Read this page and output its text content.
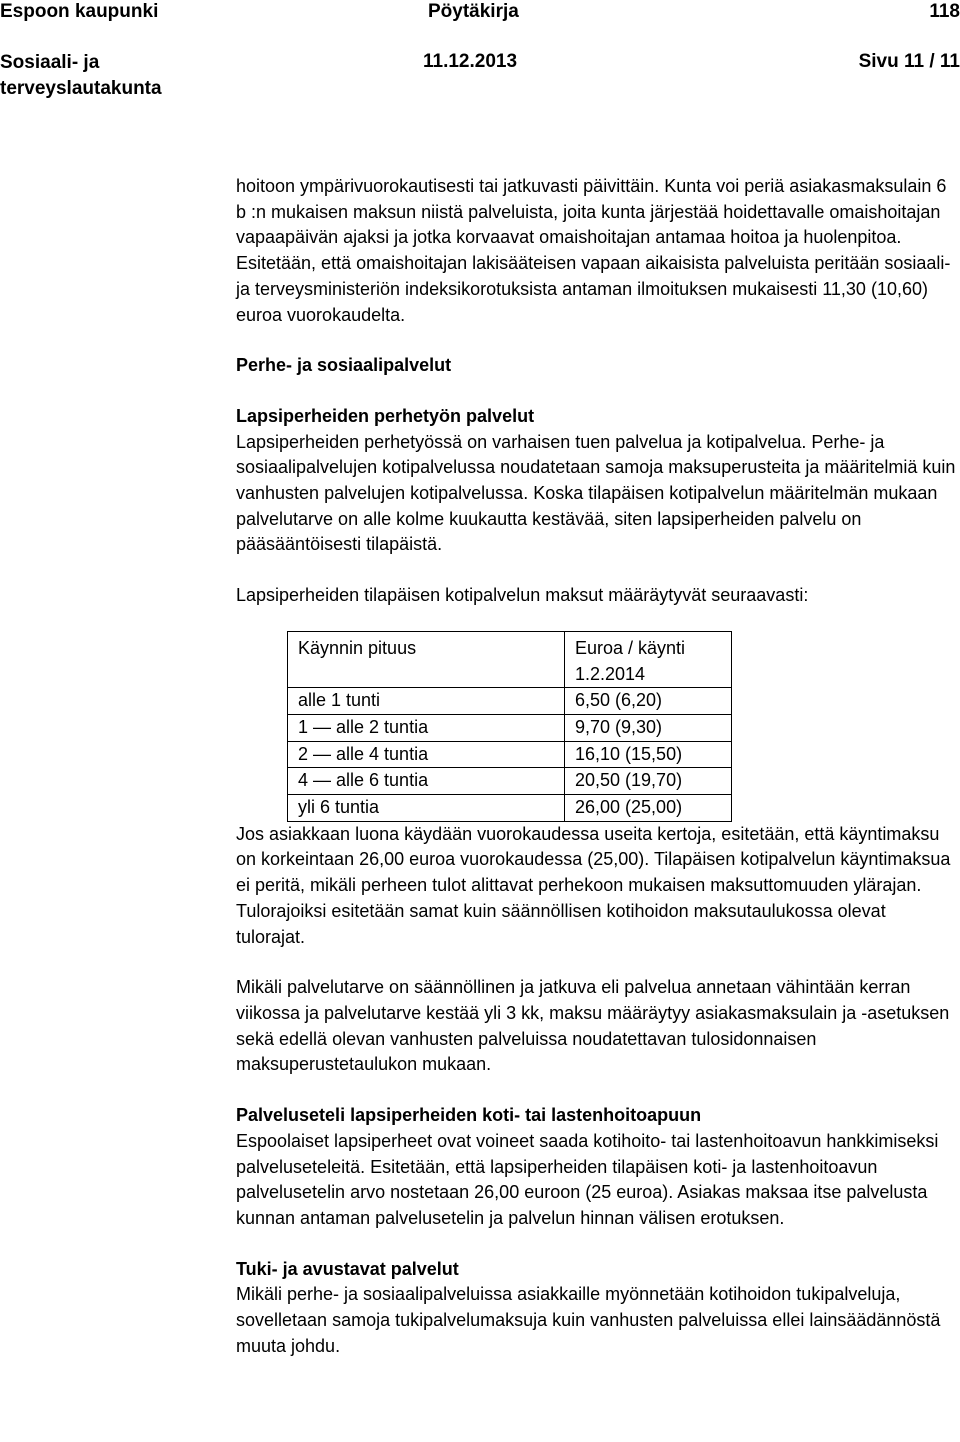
Espoon kaupunki	Pöytäkirja	118
Sosiaali- ja terveyslautakunta
11.12.2013	Sivu 11 / 11

hoitoon ympärivuorokautisesti tai jatkuvasti päivittäin. Kunta voi periä asiakasmaksulain 6 b :n mukaisen maksun niistä palveluista, joita kunta järjestää hoidettavalle omaishoitajan vapaapäivän ajaksi ja jotka korvaavat omaishoitajan antamaa hoitoa ja huolenpitoa. Esitetään, että omaishoitajan lakisääteisen vapaan aikaisista palveluista peritään sosiaali- ja terveysministeriön indeksikorotuksista antaman ilmoituksen mukaisesti 11,30 (10,60) euroa vuorokaudelta.

Perhe- ja sosiaalipalvelut

Lapsiperheiden perhetyön palvelut

Lapsiperheiden perhetyössä on varhaisen tuen palvelua ja kotipalvelua. Perhe- ja sosiaalipalvelujen kotipalvelussa noudatetaan samoja maksuperusteita ja määritelmiä kuin vanhusten palvelujen kotipalvelussa. Koska tilapäisen kotipalvelun määritelmän mukaan palvelutarve on alle kolme kuukautta kestävää, siten lapsiperheiden palvelu on pääsääntöisesti tilapäistä.

Lapsiperheiden tilapäisen kotipalvelun maksut määräytyvät seuraavasti:

Käynnin pituus	Euroa / käynti 1.2.2014
alle 1 tunti	6,50 (6,20)
1 — alle 2 tuntia	9,70 (9,30)
2 — alle 4 tuntia	16,10 (15,50)
4 — alle 6 tuntia	20,50 (19,70)
yli 6 tuntia	26,00 (25,00)

Jos asiakkaan luona käydään vuorokaudessa useita kertoja, esitetään, että käyntimaksu on korkeintaan 26,00 euroa vuorokaudessa (25,00). Tilapäisen kotipalvelun käyntimaksua ei peritä, mikäli perheen tulot alittavat perhekoon mukaisen maksuttomuuden ylärajan. Tulorajoiksi esitetään samat kuin säännöllisen kotihoidon maksutaulukossa olevat tulorajat.

Mikäli palvelutarve on säännöllinen ja jatkuva eli palvelua annetaan vähintään kerran viikossa ja palvelutarve kestää yli 3 kk, maksu määräytyy asiakasmaksulain ja -asetuksen sekä edellä olevan vanhusten palveluissa noudatettavan tulosidonnaisen maksuperustetaulukon mukaan.

Palveluseteli lapsiperheiden koti- tai lastenhoitoapuun

Espoolaiset lapsiperheet ovat voineet saada kotihoito- tai lastenhoitoavun hankkimiseksi palveluseteleitä. Esitetään, että lapsiperheiden tilapäisen koti- ja lastenhoitoavun palvelusetelin arvo nostetaan 26,00 euroon (25 euroa). Asiakas maksaa itse palvelusta kunnan antaman palvelusetelin ja palvelun hinnan välisen erotuksen.

Tuki- ja avustavat palvelut

Mikäli perhe- ja sosiaalipalveluissa asiakkaille myönnetään kotihoidon tukipalveluja, sovelletaan samoja tukipalvelumaksuja kuin vanhusten palveluissa ellei lainsäädännöstä muuta johdu.
